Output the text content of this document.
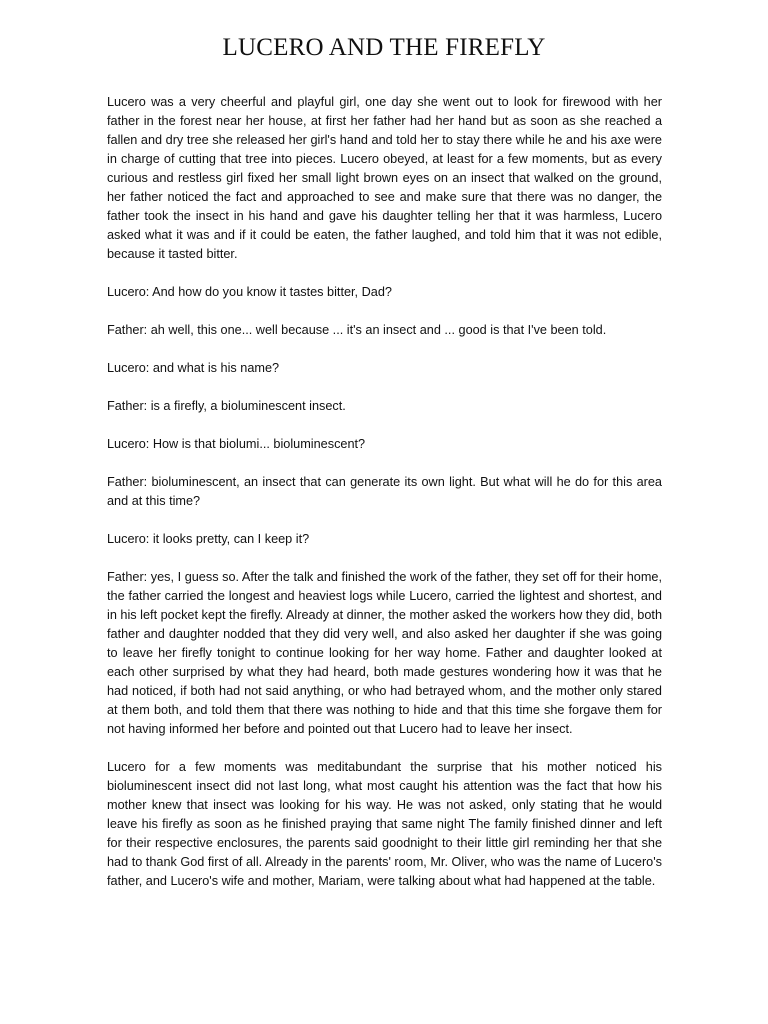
LUCERO AND THE FIREFLY

Lucero was a very cheerful and playful girl, one day she went out to look for firewood with her father in the forest near her house, at first her father had her hand but as soon as she reached a fallen and dry tree she released her girl's hand and told her to stay there while he and his axe were in charge of cutting that tree into pieces. Lucero obeyed, at least for a few moments, but as every curious and restless girl fixed her small light brown eyes on an insect that walked on the ground, her father noticed the fact and approached to see and make sure that there was no danger, the father took the insect in his hand and gave his daughter telling her that it was harmless, Lucero asked what it was and if it could be eaten, the father laughed, and told him that it was not edible, because it tasted bitter.

Lucero: And how do you know it tastes bitter, Dad?

Father: ah well, this one... well because ... it's an insect and ... good is that I've been told.

Lucero: and what is his name?

Father: is a firefly, a bioluminescent insect.

Lucero: How is that biolumi... bioluminescent?

Father: bioluminescent, an insect that can generate its own light. But what will he do for this area and at this time?

Lucero: it looks pretty, can I keep it?

Father: yes, I guess so. After the talk and finished the work of the father, they set off for their home, the father carried the longest and heaviest logs while Lucero, carried the lightest and shortest, and in his left pocket kept the firefly. Already at dinner, the mother asked the workers how they did, both father and daughter nodded that they did very well, and also asked her daughter if she was going to leave her firefly tonight to continue looking for her way home. Father and daughter looked at each other surprised by what they had heard, both made gestures wondering how it was that he had noticed, if both had not said anything, or who had betrayed whom, and the mother only stared at them both, and told them that there was nothing to hide and that this time she forgave them for not having informed her before and pointed out that Lucero had to leave her insect.

Lucero for a few moments was meditabundant the surprise that his mother noticed his bioluminescent insect did not last long, what most caught his attention was the fact that how his mother knew that insect was looking for his way. He was not asked, only stating that he would leave his firefly as soon as he finished praying that same night The family finished dinner and left for their respective enclosures, the parents said goodnight to their little girl reminding her that she had to thank God first of all. Already in the parents' room, Mr. Oliver, who was the name of Lucero's father, and Lucero's wife and mother, Mariam, were talking about what had happened at the table.
